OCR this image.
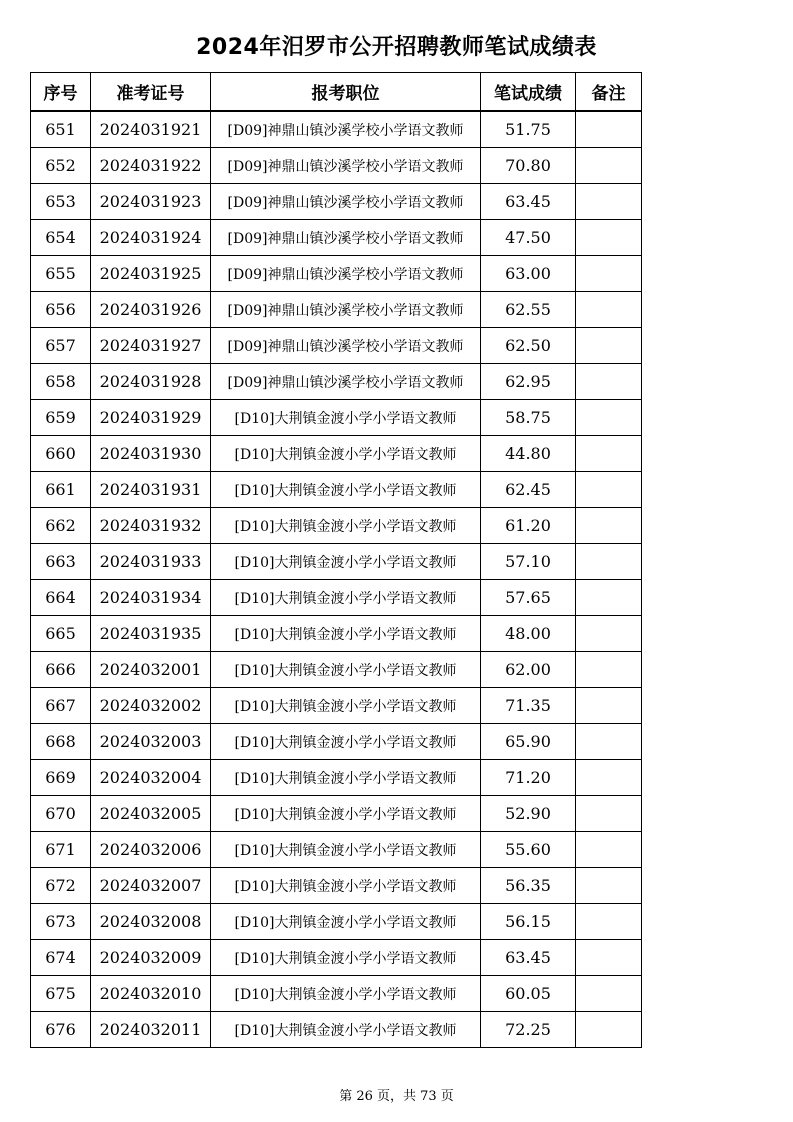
2024年汨罗市公开招聘教师笔试成绩表
序号	准考证号	报考职位	笔试成绩	备注
651	2024031921	[D09]神鼎山镇沙溪学校小学语文教师	51.75	
652	2024031922	[D09]神鼎山镇沙溪学校小学语文教师	70.80	
653	2024031923	[D09]神鼎山镇沙溪学校小学语文教师	63.45	
654	2024031924	[D09]神鼎山镇沙溪学校小学语文教师	47.50	
655	2024031925	[D09]神鼎山镇沙溪学校小学语文教师	63.00	
656	2024031926	[D09]神鼎山镇沙溪学校小学语文教师	62.55	
657	2024031927	[D09]神鼎山镇沙溪学校小学语文教师	62.50	
658	2024031928	[D09]神鼎山镇沙溪学校小学语文教师	62.95	
659	2024031929	[D10]大荆镇金渡小学小学语文教师	58.75	
660	2024031930	[D10]大荆镇金渡小学小学语文教师	44.80	
661	2024031931	[D10]大荆镇金渡小学小学语文教师	62.45	
662	2024031932	[D10]大荆镇金渡小学小学语文教师	61.20	
663	2024031933	[D10]大荆镇金渡小学小学语文教师	57.10	
664	2024031934	[D10]大荆镇金渡小学小学语文教师	57.65	
665	2024031935	[D10]大荆镇金渡小学小学语文教师	48.00	
666	2024032001	[D10]大荆镇金渡小学小学语文教师	62.00	
667	2024032002	[D10]大荆镇金渡小学小学语文教师	71.35	
668	2024032003	[D10]大荆镇金渡小学小学语文教师	65.90	
669	2024032004	[D10]大荆镇金渡小学小学语文教师	71.20	
670	2024032005	[D10]大荆镇金渡小学小学语文教师	52.90	
671	2024032006	[D10]大荆镇金渡小学小学语文教师	55.60	
672	2024032007	[D10]大荆镇金渡小学小学语文教师	56.35	
673	2024032008	[D10]大荆镇金渡小学小学语文教师	56.15	
674	2024032009	[D10]大荆镇金渡小学小学语文教师	63.45	
675	2024032010	[D10]大荆镇金渡小学小学语文教师	60.05	
676	2024032011	[D10]大荆镇金渡小学小学语文教师	72.25	
第 26 页，共 73 页
